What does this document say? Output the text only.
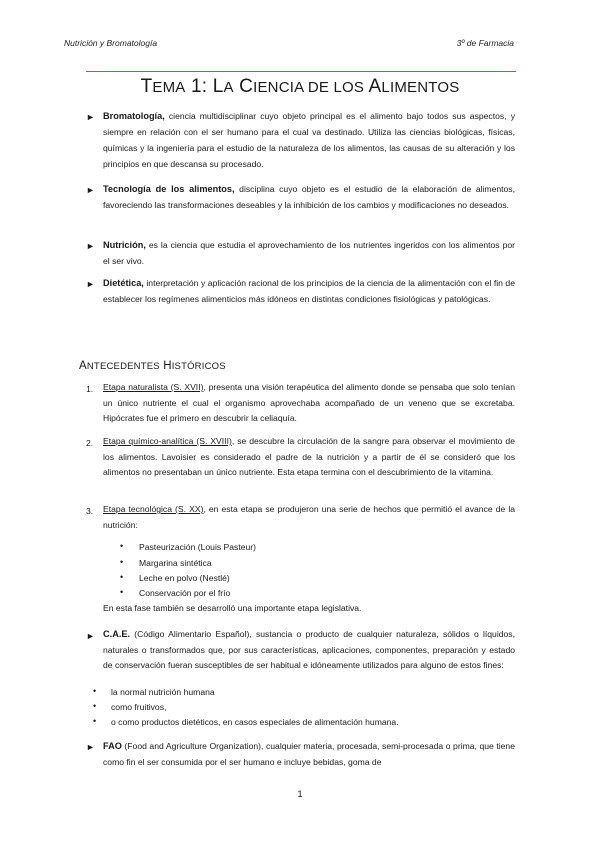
Nutrición y Bromatología	3º de Farmacia
TEMA 1: LA CIENCIA DE LOS ALIMENTOS
► Bromatología, ciencia multidisciplinar cuyo objeto principal es el alimento bajo todos sus aspectos, y siempre en relación con el ser humano para el cual va destinado. Utiliza las ciencias biológicas, físicas, químicas y la ingeniería para el estudio de la naturaleza de los alimentos, las causas de su alteración y los principios en que descansa su procesado.
► Tecnología de los alimentos, disciplina cuyo objeto es el estudio de la elaboración de alimentos, favoreciendo las transformaciones deseables y la inhibición de los cambios y modificaciones no deseados.
► Nutrición, es la ciencia que estudia el aprovechamiento de los nutrientes ingeridos con los alimentos por el ser vivo.
► Dietética, interpretación y aplicación racional de los principios de la ciencia de la alimentación con el fin de establecer los regímenes alimenticios más idóneos en distintas condiciones fisiológicas y patológicas.
ANTECEDENTES HISTÓRICOS
1. Etapa naturalista (S. XVII), presenta una visión terapéutica del alimento donde se pensaba que solo tenían un único nutriente el cual el organismo aprovechaba acompañado de un veneno que se excretaba. Hipócrates fue el primero en descubrir la celiaquía.
2. Etapa químico-analítica (S. XVIII), se descubre la circulación de la sangre para observar el movimiento de los alimentos. Lavoisier es considerado el padre de la nutrición y a partir de él se consideró que los alimentos no presentaban un único nutriente. Esta etapa termina con el descubrimiento de la vitamina.
3. Etapa tecnológica (S. XX), en esta etapa se produjeron una serie de hechos que permitió el avance de la nutrición:
• Pasteurización (Louis Pasteur)
• Margarina sintética
• Leche en polvo (Nestlé)
• Conservación por el frío
En esta fase también se desarrolló una importante etapa legislativa.
► C.A.E. (Código Alimentario Español), sustancia o producto de cualquier naturaleza, sólidos o líquidos, naturales o transformados que, por sus características, aplicaciones, componentes, preparación y estado de conservación fueran susceptibles de ser habitual e idóneamente utilizados para alguno de estos fines:
• la normal nutrición humana
• como fruitivos,
• o como productos dietéticos, en casos especiales de alimentación humana.
► FAO (Food and Agriculture Organization), cualquier materia, procesada, semi-procesada o prima, que tiene como fin el ser consumida por el ser humano e incluye bebidas, goma de
1
